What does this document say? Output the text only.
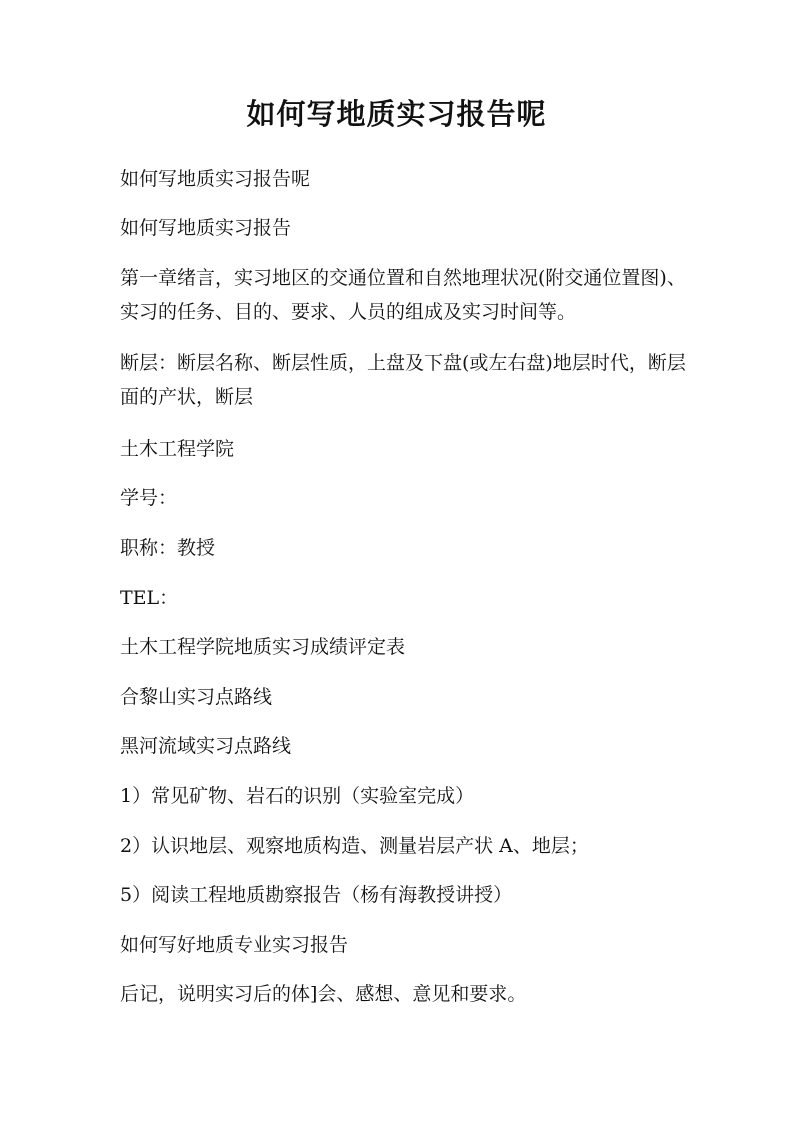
如何写地质实习报告呢

如何写地质实习报告呢

如何写地质实习报告

第一章绪言，实习地区的交通位置和自然地理状况(附交通位置图)、实习的任务、目的、要求、人员的组成及实习时间等。

断层：断层名称、断层性质，上盘及下盘(或左右盘)地层时代，断层面的产状，断层

土木工程学院

学号：

职称：教授

TEL：

土木工程学院地质实习成绩评定表

合黎山实习点路线

黑河流域实习点路线

1）常见矿物、岩石的识别（实验室完成）

2）认识地层、观察地质构造、测量岩层产状 A、地层；

5）阅读工程地质勘察报告（杨有海教授讲授）

如何写好地质专业实习报告

后记，说明实习后的体]会、感想、意见和要求。
